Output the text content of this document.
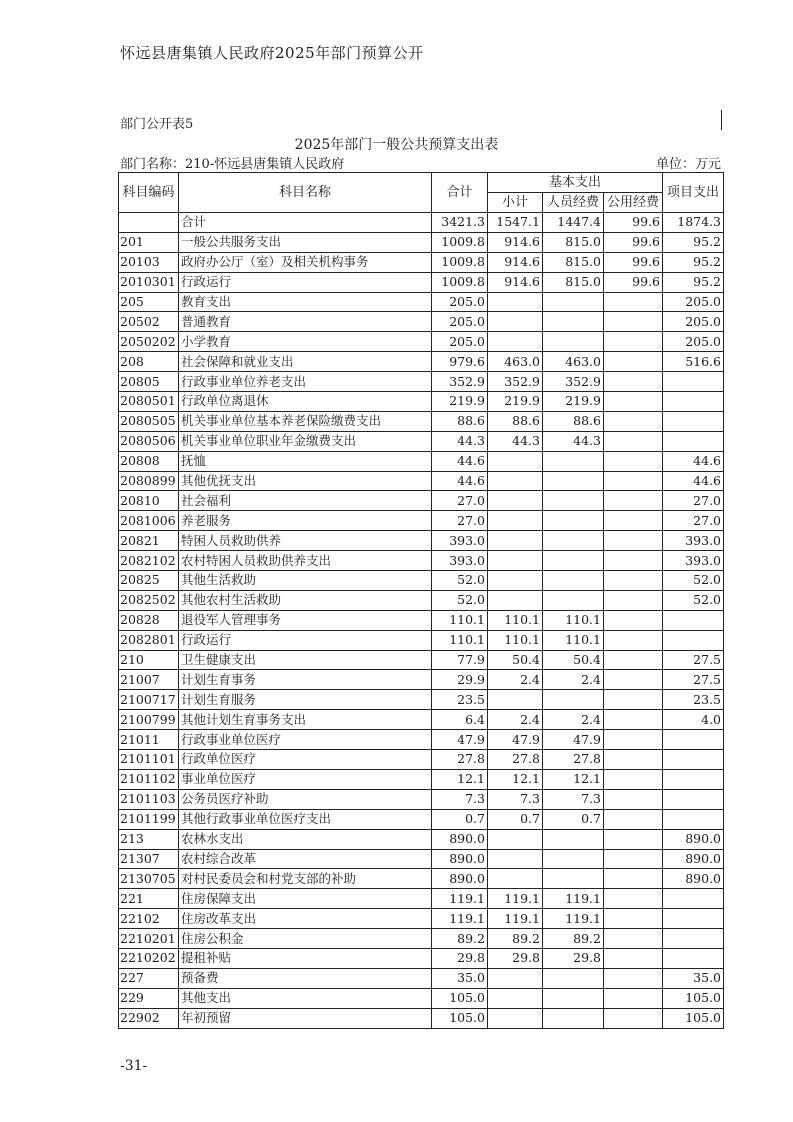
怀远县唐集镇人民政府2025年部门预算公开
部门公开表5
2025年部门一般公共预算支出表
部门名称：210-怀远县唐集镇人民政府	单位：万元
科目编码	科目名称	合计	基本支出			项目支出
			小计	人员经费	公用经费	
	合计	3421.3	1547.1	1447.4	99.6	1874.3
201	一般公共服务支出	1009.8	914.6	815.0	99.6	95.2
20103	政府办公厅（室）及相关机构事务	1009.8	914.6	815.0	99.6	95.2
2010301	行政运行	1009.8	914.6	815.0	99.6	95.2
205	教育支出	205.0				205.0
20502	普通教育	205.0				205.0
2050202	小学教育	205.0				205.0
208	社会保障和就业支出	979.6	463.0	463.0		516.6
20805	行政事业单位养老支出	352.9	352.9	352.9		
2080501	行政单位离退休	219.9	219.9	219.9		
2080505	机关事业单位基本养老保险缴费支出	88.6	88.6	88.6		
2080506	机关事业单位职业年金缴费支出	44.3	44.3	44.3		
20808	抚恤	44.6				44.6
2080899	其他优抚支出	44.6				44.6
20810	社会福利	27.0				27.0
2081006	养老服务	27.0				27.0
20821	特困人员救助供养	393.0				393.0
2082102	农村特困人员救助供养支出	393.0				393.0
20825	其他生活救助	52.0				52.0
2082502	其他农村生活救助	52.0				52.0
20828	退役军人管理事务	110.1	110.1	110.1		
2082801	行政运行	110.1	110.1	110.1		
210	卫生健康支出	77.9	50.4	50.4		27.5
21007	计划生育事务	29.9	2.4	2.4		27.5
2100717	计划生育服务	23.5				23.5
2100799	其他计划生育事务支出	6.4	2.4	2.4		4.0
21011	行政事业单位医疗	47.9	47.9	47.9		
2101101	行政单位医疗	27.8	27.8	27.8		
2101102	事业单位医疗	12.1	12.1	12.1		
2101103	公务员医疗补助	7.3	7.3	7.3		
2101199	其他行政事业单位医疗支出	0.7	0.7	0.7		
213	农林水支出	890.0				890.0
21307	农村综合改革	890.0				890.0
2130705	对村民委员会和村党支部的补助	890.0				890.0
221	住房保障支出	119.1	119.1	119.1		
22102	住房改革支出	119.1	119.1	119.1		
2210201	住房公积金	89.2	89.2	89.2		
2210202	提租补贴	29.8	29.8	29.8		
227	预备费	35.0				35.0
229	其他支出	105.0				105.0
22902	年初预留	105.0				105.0
-31-
